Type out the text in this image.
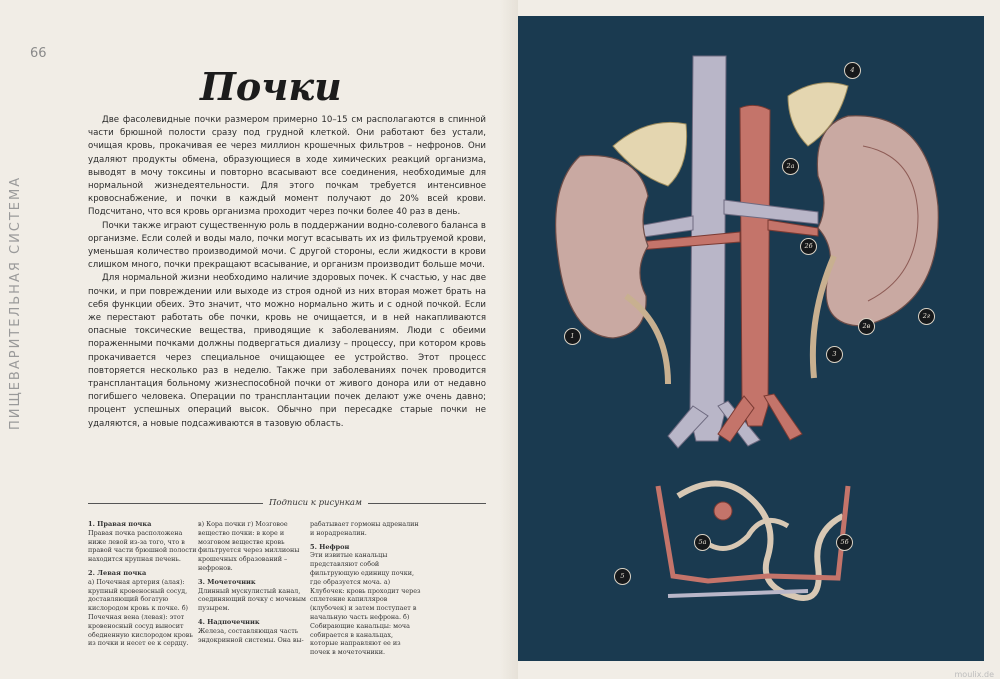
66
ПИЩЕВАРИТЕЛЬНАЯ СИСТЕМА
Почки

Две фасолевидные почки размером примерно 10–15 см располагаются в спинной части брюшной полости сразу под грудной клеткой. Они работают без устали, очищая кровь, прокачивая ее через миллион крошечных фильтров – нефронов. Они удаляют продукты обмена, образующиеся в ходе химических реакций организма, выводят в мочу токсины и повторно всасывают все соединения, необходимые для нормальной жизнедеятельности. Для этого почкам требуется интенсивное кровоснабжение, и почки в каждый момент получают до 20% всей крови. Подсчитано, что вся кровь организма проходит через почки более 40 раз в день.

Почки также играют существенную роль в поддержании водно-солевого баланса в организме. Если солей и воды мало, почки могут всасывать их из фильтруемой крови, уменьшая количество производимой мочи. С другой стороны, если жидкости в крови слишком много, почки прекращают всасывание, и организм производит больше мочи.

Для нормальной жизни необходимо наличие здоровых почек. К счастью, у нас две почки, и при повреждении или выходе из строя одной из них вторая может брать на себя функции обеих. Это значит, что можно нормально жить и с одной почкой. Если же перестают работать обе почки, кровь не очищается, и в ней накапливаются опасные токсические вещества, приводящие к заболеваниям. Люди с обеими пораженными почками должны подвергаться диализу – процессу, при котором кровь прокачивается через специальное очищающее ее устройство. Этот процесс повторяется несколько раз в неделю. Также при заболеваниях почек проводится трансплантация больному жизнеспособной почки от живого донора или от недавно погибшего человека. Операции по трансплантации почек делают уже очень давно; процент успешных операций высок. Обычно при пересадке старые почки не удаляются, а новые подсаживаются в тазовую область.

Подписи к рисункам
1. Правая почка
Правая почка расположена ниже левой из-за того, что в правой части брюшной полости находится крупная печень.
2. Левая почка
а) Почечная артерия (алая): крупный кровеносный сосуд, доставляющий богатую кислородом кровь к почке. б) Почечная вена (левая): этот кровеносный сосуд выносит обедненную кислородом кровь из почки и несет ее к сердцу.
в) Кора почки г) Мозговое вещество почки: в коре и мозговом веществе кровь фильтруется через миллионы крошечных образований – нефронов.
3. Мочеточник
Длинный мускулистый канал, соединяющий почку с мочевым пузырем.
4. Надпочечник
Железа, составляющая часть эндокринной системы. Она вы-
рабатывает гормоны адреналин и норадреналин.
5. Нефрон
Эти извитые канальцы представляют собой фильтрующую единицу почки, где образуется моча. а) Клубочек: кровь проходит через сплетение капилляров (клубочек) и затем поступает в начальную часть нефрона. б) Собирающие канальцы: моча собирается в канальцах, которые направляют ее из почек в мочеточники.
1
2а
2б
2в
2г
3
4
5
5а	5б
moulix.de
